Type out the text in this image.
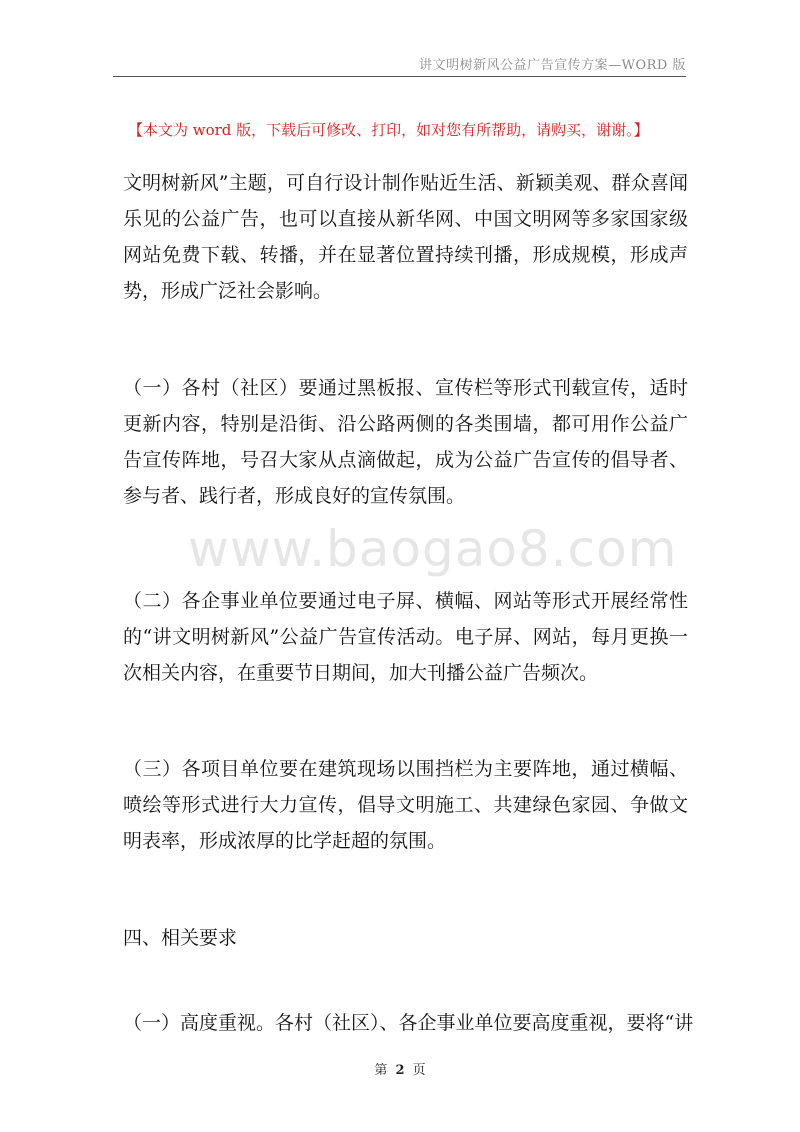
讲文明树新风公益广告宣传方案—WORD 版
【本文为 word 版，下载后可修改、打印，如对您有所帮助，请购买，谢谢。】
www.baogao8.com

文明树新风”主题，可自行设计制作贴近生活、新颖美观、群众喜闻乐见的公益广告，也可以直接从新华网、中国文明网等多家国家级网站免费下载、转播，并在显著位置持续刊播，形成规模，形成声势，形成广泛社会影响。

（一）各村（社区）要通过黑板报、宣传栏等形式刊载宣传，适时更新内容，特别是沿街、沿公路两侧的各类围墙，都可用作公益广告宣传阵地，号召大家从点滴做起，成为公益广告宣传的倡导者、参与者、践行者，形成良好的宣传氛围。

（二）各企事业单位要通过电子屏、横幅、网站等形式开展经常性的“讲文明树新风”公益广告宣传活动。电子屏、网站，每月更换一次相关内容，在重要节日期间，加大刊播公益广告频次。

（三）各项目单位要在建筑现场以围挡栏为主要阵地，通过横幅、喷绘等形式进行大力宣传，倡导文明施工、共建绿色家园、争做文明表率，形成浓厚的比学赶超的氛围。

四、相关要求

（一）高度重视。各村（社区）、各企事业单位要高度重视，要将“讲

第 2 页
